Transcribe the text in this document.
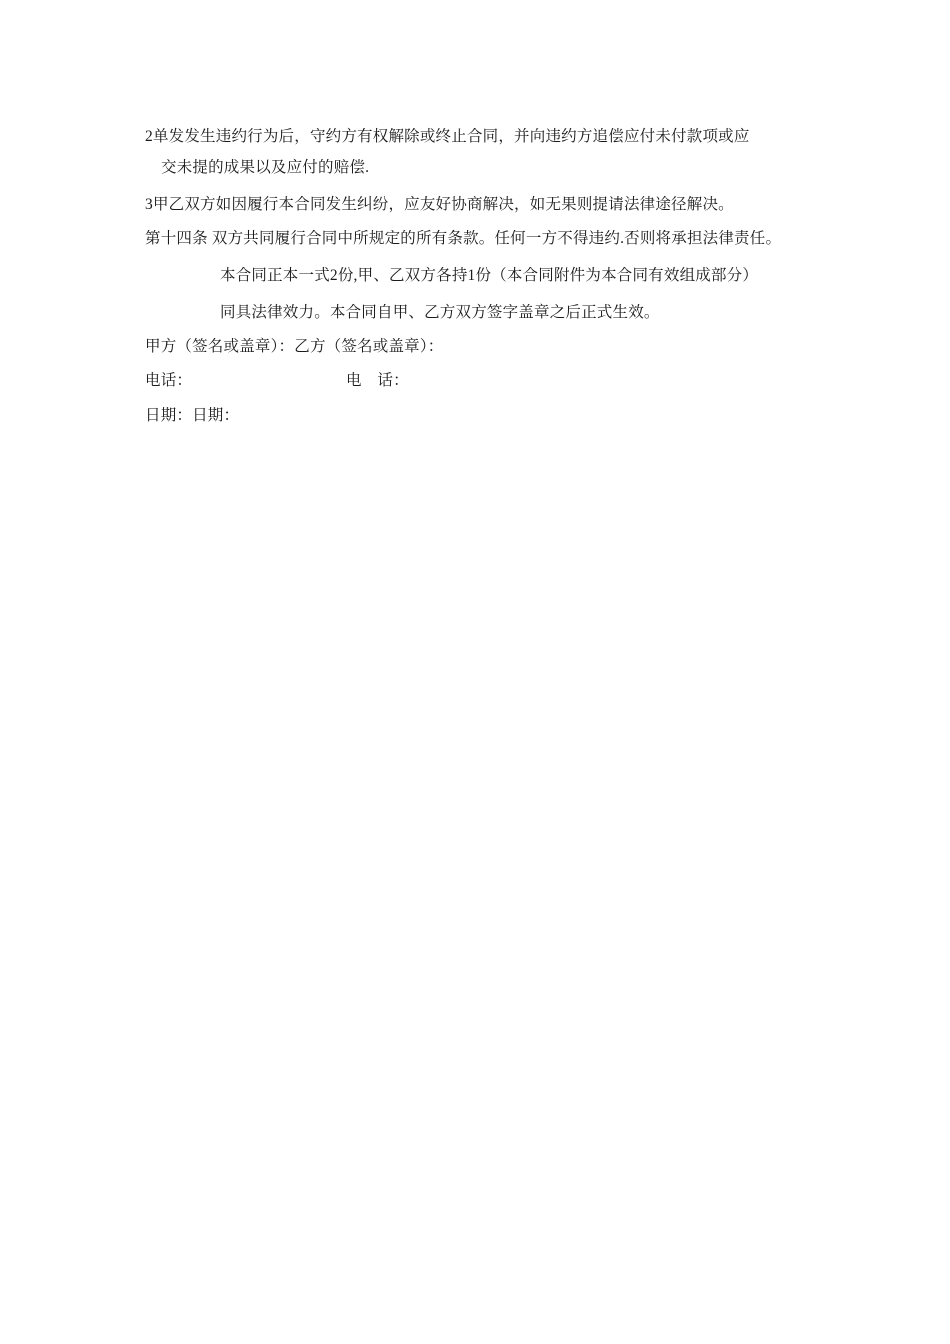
2单发发生违约行为后，守约方有权解除或终止合同，并向违约方追偿应付未付款项或应
交未提的成果以及应付的赔偿.
3甲乙双方如因履行本合同发生纠纷，应友好协商解决，如无果则提请法律途径解决。
第十四条 双方共同履行合同中所规定的所有条款。任何一方不得违约.否则将承担法律责任。
本合同正本一式2份,甲、乙双方各持1份（本合同附件为本合同有效组成部分）
同具法律效力。本合同自甲、乙方双方签字盖章之后正式生效。
甲方（签名或盖章）：乙方（签名或盖章）：
电话：	电　话：
日期：日期：
